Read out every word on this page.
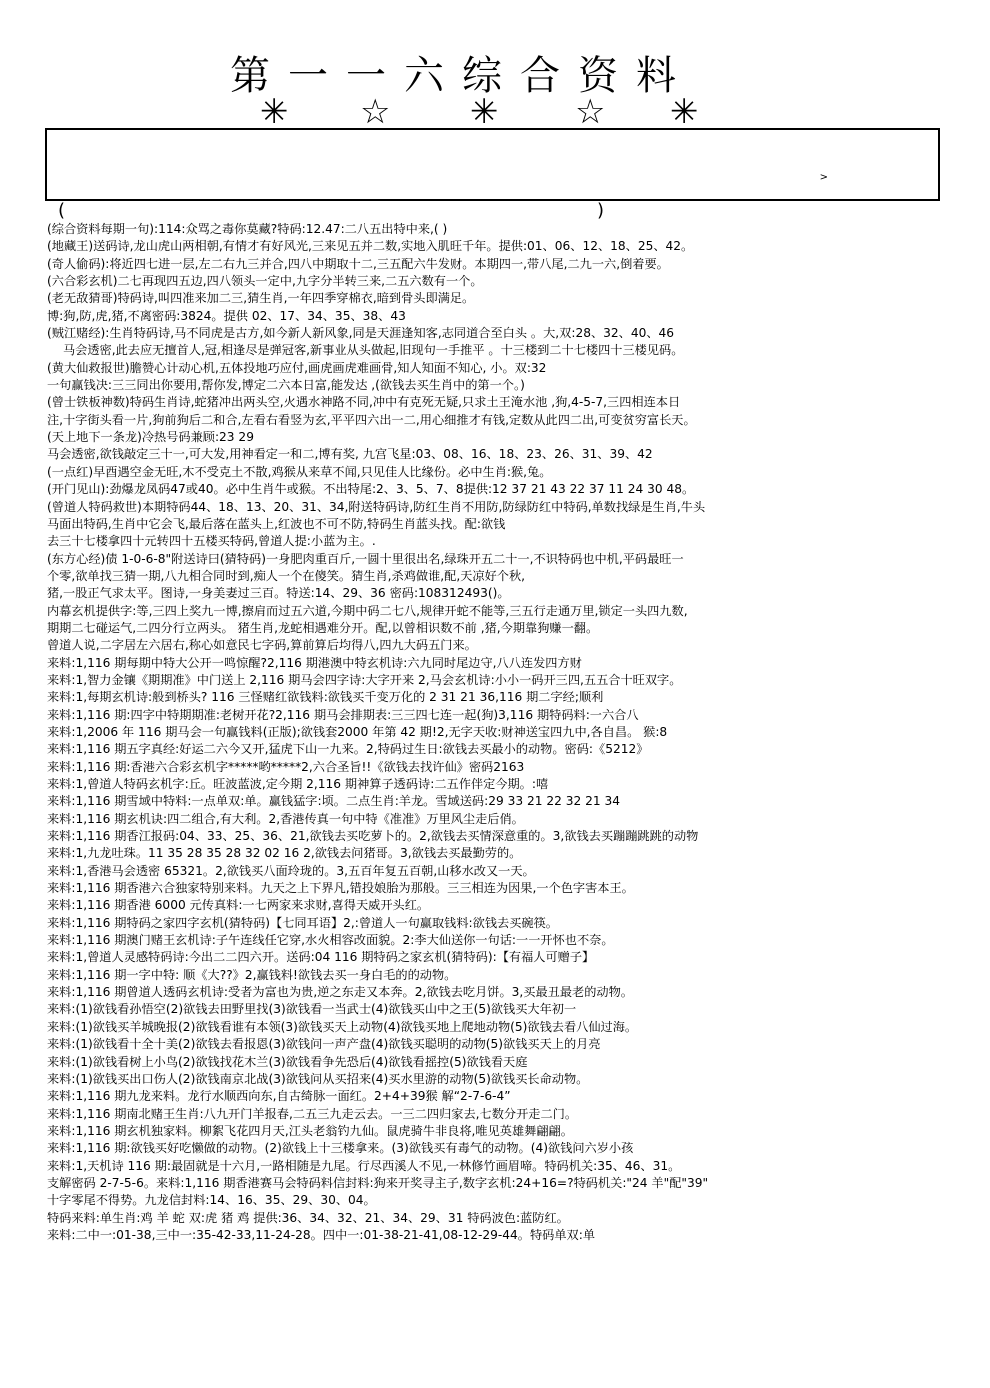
第一一六综合资料
✳ ☆ ✳ ☆ ✳
>
(	)
(综合资料每期一句):114:众骂之毒你莫藏?特码:12.47:二八五出特中来,( )
(地藏王)送码诗,龙山虎山两相朝,有情才有好风光,三来见五并二数,实地入肌旺千年。提供:01、06、12、18、25、42。
(奇人偷码):将近四七进一层,左二右九三并合,四八中期取十二,三五配六牛发财。本期四一,带八尾,二九一六,倒着要。
(六合彩玄机)二七再现四五边,四八领头一定中,九字分半转三来,二五六数有一个。
(老无敌猜哥)特码诗,叫四准来加二三,猜生肖,一年四季穿棉衣,暗到骨头即满足。
博:狗,防,虎,猪,不离密码:3824。提供 02、17、34、35、38、43
(贼江赌经):生肖特码诗,马不同虎是古方,如今新人新风象,同是天涯逢知客,志同道合至白头 。大,双:28、32、40、46
马会透密,此去应无擅首人,冠,相逢尽是弹冠客,新事业从头做起,旧现句一手推平 。十三楼到二十七楼四十三楼见码。
(黄大仙救报世)膽赞心计动心机,五体投地巧应付,画虎画虎难画骨,知人知面不知心, 小。双:32
一句赢钱决:三三同出你要用,帮你发,博定二六本日富,能发达 ,(欲钱去买生肖中的第一个。)
(曾士铁板神数)特码生肖诗,蛇猪冲出两头空,火遇水神路不同,冲中有克死无疑,只求土王淹水池 ,狗,4-5-7,三四相连本日
注,十字街头看一片,狗前狗后二和合,左看右看竖为玄,平平四六出一二,用心细推才有钱,定数从此四二出,可变贫穷富长天。
(天上地下一条龙)冷热号码兼顾:23 29
马会透密,欲钱敲定三十一,可大发,用神看定一和二,博有奖, 九宫飞星:03、08、16、18、23、26、31、39、42
(一点红)早酉遇空金无旺,木不受克土不散,鸡猴从来草不闻,只见佳人比缘份。必中生肖:猴,兔。
(开门见山):劲爆龙凤码47或40。必中生肖牛或猴。不出特尾:2、3、5、7、8提供:12 37 21 43 22 37 11 24 30 48。
(曾道人特码救世)本期特码44、18、13、20、31、34,附送特码诗,防红生肖不用防,防绿防红中特码,单数找绿是生肖,牛头
马面出特码,生肖中它会飞,最后落在蓝头上,红波也不可不防,特码生肖蓝头找。配:欲钱
去三十七楼拿四十元转四十五楼买特码,曾道人提:小蓝为主。.
(东方心经)债 1-0-6-8"附送诗曰(猜特码)一身肥肉重百斤,一圆十里很出名,绿珠开五二十一,不识特码也中机,平码最旺一
个零,欲单找三猜一期,八九相合同时到,痴人一个在傻笑。猜生肖,杀鸡做谁,配,天凉好个秋,
猪,一股正气求太平。图诗,一身美妻过三百。特送:14、29、36 密码:108312493()。
内幕玄机提供字:等,三四上奖九一博,擦肩而过五六道,今期中码二七八,规律开蛇不能等,三五行走通万里,锁定一头四九数,
期期二七碰运气,二四分行立两头。 猪生肖,龙蛇相遇难分开。配,以曾相识数不前 ,猪,今期靠狗赚一翻。
曾道人说,二字居左六居右,称心如意民七字码,算前算后均得八,四九大码五门来。
来料:1,116 期每期中特大公开一鸣惊醒?2,116 期港澳中特玄机诗:六九同时尾边守,八八连发四方财
来料:1,智力金镶《期期准》中门送上 2,116 期马会四字诗:大字开来 2,马会玄机诗:小小一码开三四,五五合十旺双字。
来料:1,每期玄机诗:般到桥头? 116 三怪赌红欲钱料:欲钱买千变万化的 2 31 21 36,116 期二字经;顺利
来料:1,116 期:四字中特期期准:老树开花?2,116 期马会排期表:三三四七连一起(狗)3,116 期特码料:一六合八
来料:1,2006 年 116 期马会一句赢钱料(正版);欲钱套2000 年第 42 期!2,无字天收:财神送宝四九中,各自昌。 猴:8
来料:1,116 期五字真经:好运二六今又开,猛虎下山一九来。2,特码过生日:欲钱去买最小的动物。密码:《5212》
来料:1,116 期:香港六合彩玄机字*****哟*****2,六合圣旨!!《欲钱去找许仙》密码2163
来料:1,曾道人特码玄机字:丘。旺波蓝波,定今期 2,116 期神算子透码诗:二五作伴定今期。:嘻
来料:1,116 期雪域中特料:一点单双:单。赢钱猛字:顷。二点生肖:羊龙。雪域送码:29 33 21 22 32 21 34
来料:1,116 期玄机诀:四二组合,有大利。2,香港传真一句中特《准准》万里风尘走后俏。
来料:1,116 期香江报码:04、33、25、36、21,欲钱去买吃萝卜的。2,欲钱去买情深意重的。3,欲钱去买蹦蹦跳跳的动物
来料:1,九龙吐珠。11 35 28 35 28 32 02 16 2,欲钱去问猪哥。3,欲钱去买最勤劳的。
来料:1,香港马会透密 65321。2,欲钱买八面玲珑的。3,五百年复五百朝,山移水改又一天。
来料:1,116 期香港六合独家特别来料。九天之上下界凡,错投娘胎为那般。三三相连为因果,一个色字害本王。
来料:1,116 期香港 6000 元传真料:一七两家来求财,喜得天威开头红。
来料:1,116 期特码之家四字玄机(猜特码)【七同耳语】2,:曾道人一句赢取钱料:欲钱去买碗筷。
来料:1,116 期澳门赌王玄机诗:子午连线任它穿,水火相容改面貌。2:李大仙送你一句话:一一开怀也不奈。
来料:1,曾道人灵感特码诗:今出二二四六开。送码:04 116 期特码之家玄机(猜特码):【有福人可赠子】
来料:1,116 期一字中特: 顺《大??》2,赢钱料!欲钱去买一身白毛的的动物。
来料:1,116 期曾道人透码玄机诗:受者为富也为贵,逆之东走又本奔。2,欲钱去吃月饼。3,买最丑最老的动物。
来料:(1)欲钱看孙悟空(2)欲钱去田野里找(3)欲钱看一当武士(4)欲钱买山中之王(5)欲钱买大年初一
来料:(1)欲钱买羊城晚报(2)欲钱看谁有本领(3)欲钱买天上动物(4)欲钱买地上爬地动物(5)欲钱去看八仙过海。
来料:(1)欲钱看十全十美(2)欲钱去看报恩(3)欲钱问一声产盘(4)欲钱买聪明的动物(5)欲钱买天上的月亮
来料:(1)欲钱看树上小鸟(2)欲钱找花木兰(3)欲钱看争先恐后(4)欲钱看摇控(5)欲钱看天庭
来料:(1)欲钱买出口伤人(2)欲钱南京北战(3)欲钱问从买招来(4)买水里游的动物(5)欲钱买长命动物。
来料:1,116 期九龙来料。龙行水顺西向东,自古绮脉一面红。2+4+39猴 解“2-7-6-4”
来料:1,116 期南北赌王生肖:八九开门羊报春,二五三九走云去。一三二四归家去,七数分开走二门。
来料:1,116 期玄机独家料。柳絮飞花四月天,江头老翁钓九仙。鼠虎骑牛非良将,唯见英雄舞翩翩。
来料:1,116 期:欲钱买好吃懒做的动物。(2)欲钱上十三楼拿来。(3)欲钱买有毒气的动物。(4)欲钱问六岁小孩
来料:1,天机诗 116 期:最固就是十六月,一路相随是九尾。行尽西溪人不见,一林修竹画眉啼。特码机关:35、46、31。
支解密码 2-7-5-6。来料:1,116 期香港赛马会特码料信封料:狗来开奖寻主子,数字玄机:24+16=?特码机关:"24 羊"配"39"
十字零尾不得势。九龙信封料:14、16、35、29、30、04。
特码来料:单生肖:鸡 羊 蛇 双:虎 猪 鸡 提供:36、34、32、21、34、29、31 特码波色:蓝防红。
来料:二中一:01-38,三中一:35-42-33,11-24-28。四中一:01-38-21-41,08-12-29-44。特码单双:单
